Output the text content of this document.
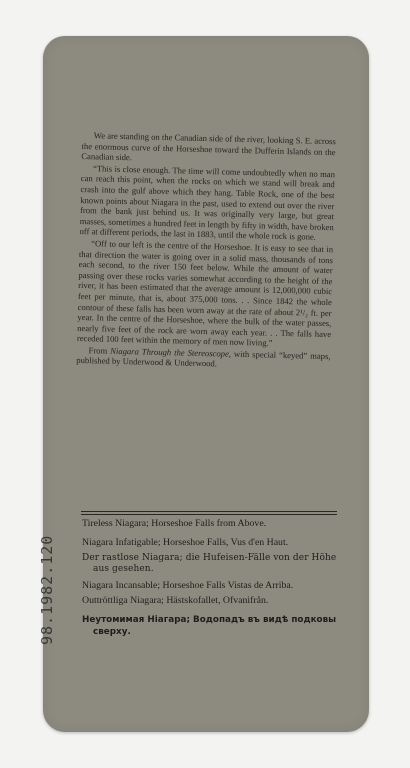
We are standing on the Canadian side of the river, looking S. E. across the enormous curve of the Horseshoe toward the Dufferin Islands on the Canadian side.

“This is close enough. The time will come undoubtedly when no man can reach this point, when the rocks on which we stand will break and crash into the gulf above which they hang. Table Rock, one of the best known points about Niagara in the past, used to extend out over the river from the bank just behind us. It was originally very large, but great masses, sometimes a hundred feet in length by fifty in width, have broken off at different periods, the last in 1883, until the whole rock is gone.

“Off to our left is the centre of the Horseshoe. It is easy to see that in that direction the water is going over in a solid mass, thousands of tons each second, to the river 150 feet below. While the amount of water passing over these rocks varies somewhat according to the height of the river, it has been estimated that the average amount is 12,000,000 cubic feet per minute, that is, about 375,000 tons. . . Since 1842 the whole contour of these falls has been worn away at the rate of about 2¹/₂ ft. per year. In the centre of the Horseshoe, where the bulk of the water passes, nearly five feet of the rock are worn away each year. . . The falls have receded 100 feet within the memory of men now living.”

From Niagara Through the Stereoscope, with special “keyed” maps, published by Underwood & Underwood.

Tireless Niagara; Horseshoe Falls from Above.
Niagara Infatigable; Horseshoe Falls, Vus d'en Haut.
Der rastlose Niagara; die Hufeisen-Fälle von der Höhe aus gesehen.
Niagara Incansable; Horseshoe Falls Vistas de Arriba.
Outtröttliga Niagara; Hästskofallet, Ofvanifrån.
Неутомимая Ніагара; Водопадъ въ видѣ подковы сверху.
98.1982.120
